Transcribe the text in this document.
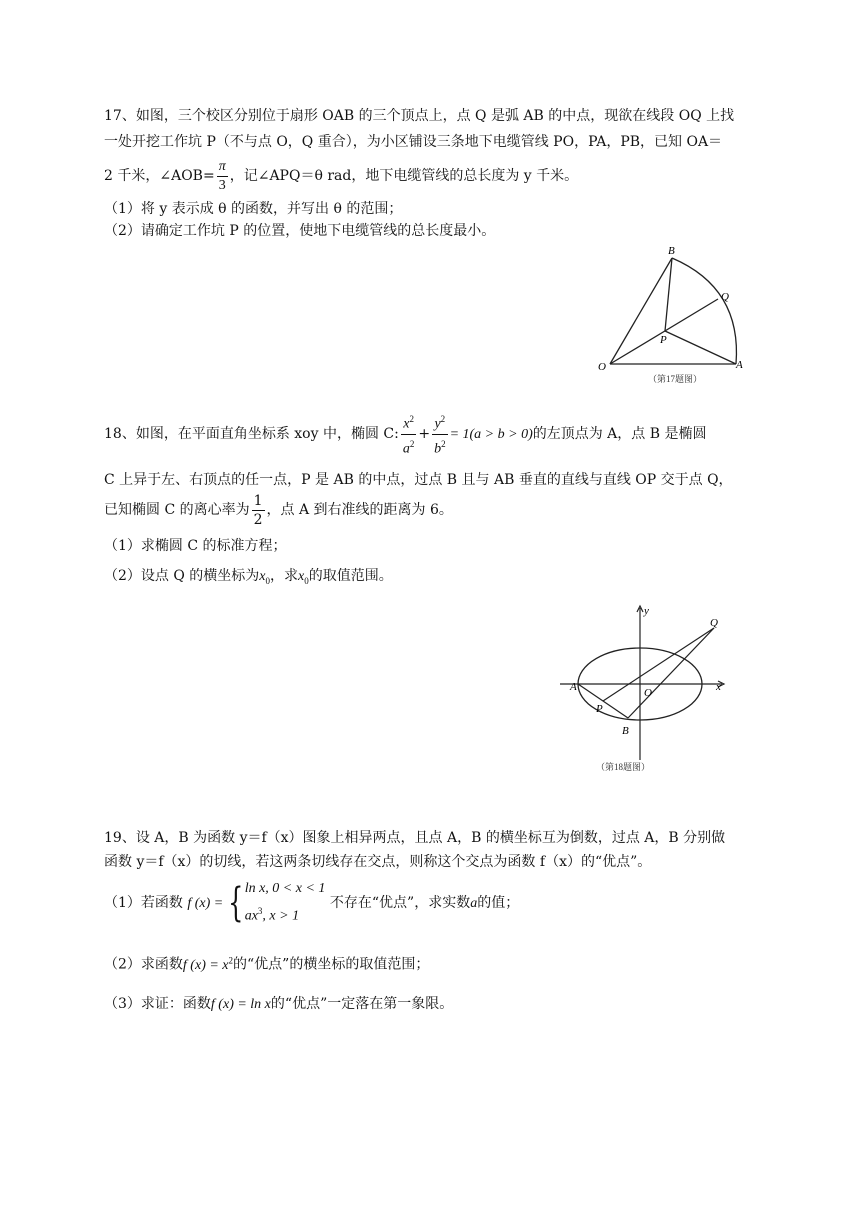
17、如图，三个校区分别位于扇形 OAB 的三个顶点上，点 Q 是弧 AB 的中点，现欲在线段 OQ 上找
一处开挖工作坑 P（不与点 O，Q 重合），为小区铺设三条地下电缆管线 PO，PA，PB，已知 OA＝
2 千米，∠AOB= $\frac{\pi}{3}$ ，记∠APQ＝θ rad，地下电缆管线的总长度为 y 千米。
（1）将 y 表示成 θ 的函数，并写出 θ 的范围；
（2）请确定工作坑 P 的位置，使地下电缆管线的总长度最小。
B
Q
P
O	A
（第17题图）
18、如图，在平面直角坐标系 xoy 中，椭圆 C: $\frac{x^2}{a^2} + \frac{y^2}{b^2} = 1(a > b > 0)$的左顶点为 A，点 B 是椭圆
C 上异于左、右顶点的任一点，P 是 AB 的中点，过点 B 且与 AB 垂直的直线与直线 OP 交于点 Q，
已知椭圆 C 的离心率为 $\frac{1}{2}$ ，点 A 到右准线的距离为 6。
（1）求椭圆 C 的标准方程；
（2）设点 Q 的横坐标为$x_0$，求$x_0$的取值范围。
y
Q
A	O	x
P
B
（第18题图）
19、设 A，B 为函数 y＝f（x）图象上相异两点，且点 A，B 的横坐标互为倒数，过点 A，B 分别做
函数 y＝f（x）的切线，若这两条切线存在交点，则称这个交点为函数 f（x）的“优点”。
（1）若函数 f (x) = { ln x, 0 < x < 1
$ax^3$, x > 1
不存在“优点”，求实数a的值；
（2）求函数f $(x) = x^2$的“优点”的横坐标的取值范围；
（3）求证：函数f (x) = ln x的“优点”一定落在第一象限。
